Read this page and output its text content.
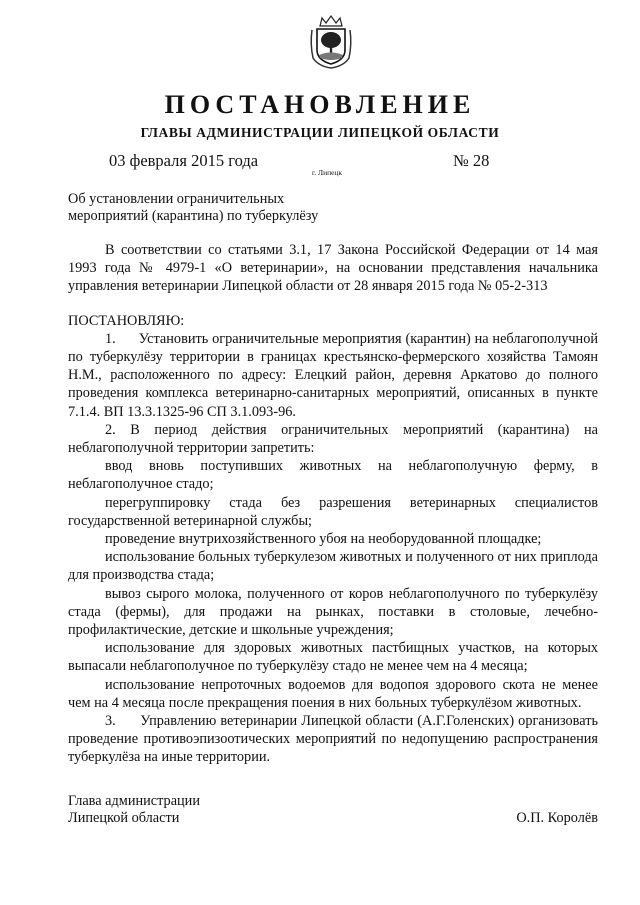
ПОСТАНОВЛЕНИЕ
ГЛАВЫ АДМИНИСТРАЦИИ ЛИПЕЦКОЙ ОБЛАСТИ
03 февраля 2015 года
г. Липецк
№ 28
Об установлении ограничительных
мероприятий (карантина) по туберкулёзу

В соответствии со статьями 3.1, 17 Закона Российской Федерации от 14 мая 1993 года № 4979-1 «О ветеринарии», на основании представления начальника управления ветеринарии Липецкой области от 28 января 2015 года № 05-2-313

ПОСТАНОВЛЯЮ:

1.      Установить ограничительные мероприятия (карантин) на неблагополучной по туберкулёзу территории в границах крестьянско-фермерского хозяйства Тамоян Н.М., расположенного по адресу: Елецкий район, деревня Аркатово до полного проведения комплекса ветеринарно-санитарных мероприятий, описанных в пункте 7.1.4. ВП 13.3.1325-96 СП 3.1.093-96.

2. В период действия ограничительных мероприятий (карантина) на неблагополучной территории запретить:

ввод вновь поступивших животных на неблагополучную ферму, в неблагополучное стадо;

перегруппировку стада без разрешения ветеринарных специалистов государственной ветеринарной службы;

проведение внутрихозяйственного убоя на необорудованной площадке;

использование больных туберкулезом животных и полученного от них приплода для производства стада;

вывоз сырого молока, полученного от коров неблагополучного по туберкулёзу стада (фермы), для продажи на рынках, поставки в столовые, лечебно-профилактические, детские и школьные учреждения;

использование для здоровых животных пастбищных участков, на которых выпасали неблагополучное по туберкулёзу стадо не менее чем на 4 месяца;

использование непроточных водоемов для водопоя здорового скота не менее чем на 4 месяца после прекращения поения в них больных туберкулёзом животных.

3.      Управлению ветеринарии Липецкой области (А.Г.Голенских) организовать проведение противоэпизоотических мероприятий по недопущению распространения туберкулёза на иные территории.

Глава администрации
Липецкой области	О.П. Королёв
